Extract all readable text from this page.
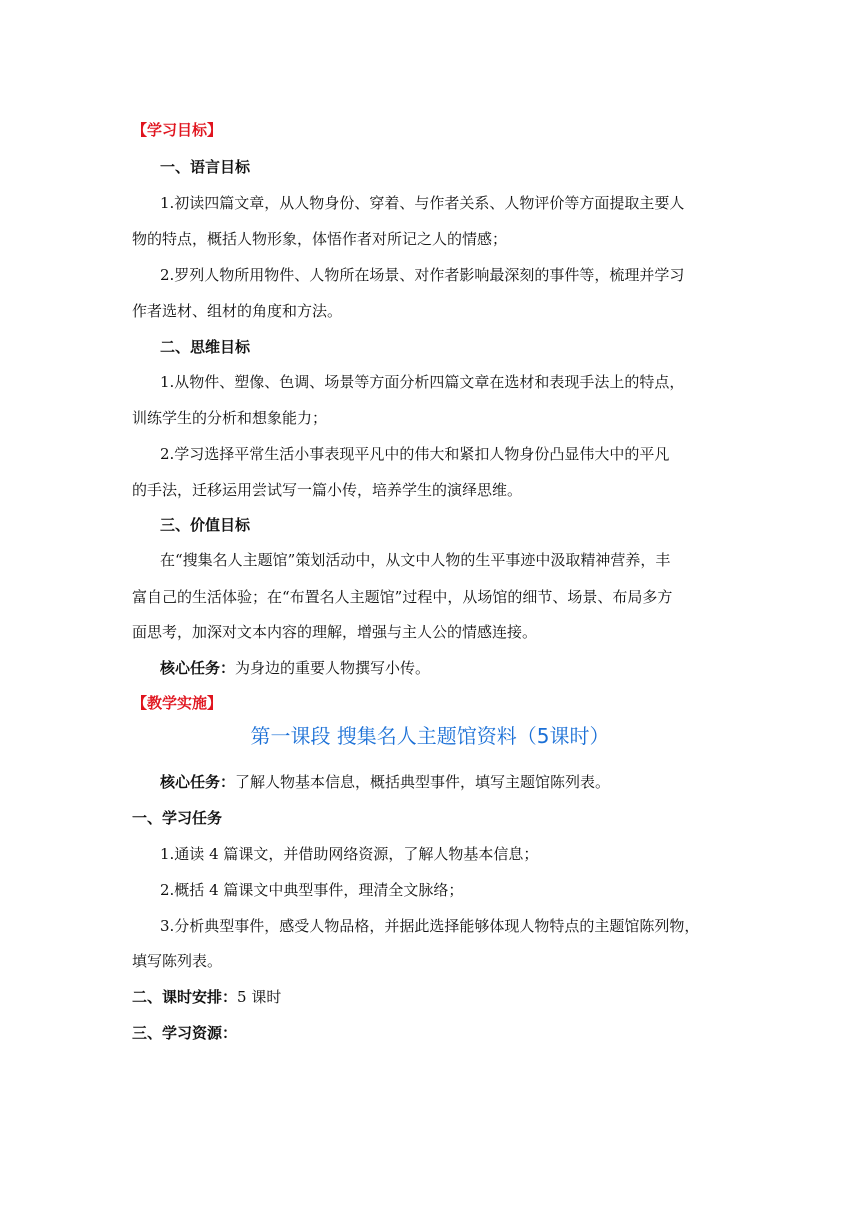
【学习目标】
一、语言目标
1.初读四篇文章，从人物身份、穿着、与作者关系、人物评价等方面提取主要人
物的特点，概括人物形象，体悟作者对所记之人的情感；
2.罗列人物所用物件、人物所在场景、对作者影响最深刻的事件等，梳理并学习
作者选材、组材的角度和方法。
二、思维目标
1.从物件、塑像、色调、场景等方面分析四篇文章在选材和表现手法上的特点，
训练学生的分析和想象能力；
2.学习选择平常生活小事表现平凡中的伟大和紧扣人物身份凸显伟大中的平凡
的手法，迁移运用尝试写一篇小传，培养学生的演绎思维。
三、价值目标
在“搜集名人主题馆”策划活动中，从文中人物的生平事迹中汲取精神营养，丰
富自己的生活体验；在“布置名人主题馆”过程中，从场馆的细节、场景、布局多方
面思考，加深对文本内容的理解，增强与主人公的情感连接。
核心任务：为身边的重要人物撰写小传。
【教学实施】
第一课段 搜集名人主题馆资料（5课时）
核心任务：了解人物基本信息，概括典型事件，填写主题馆陈列表。
一、学习任务
1.通读 4 篇课文，并借助网络资源，了解人物基本信息；
2.概括 4 篇课文中典型事件，理清全文脉络；
3.分析典型事件，感受人物品格，并据此选择能够体现人物特点的主题馆陈列物，
填写陈列表。
二、课时安排：5 课时
三、学习资源：
